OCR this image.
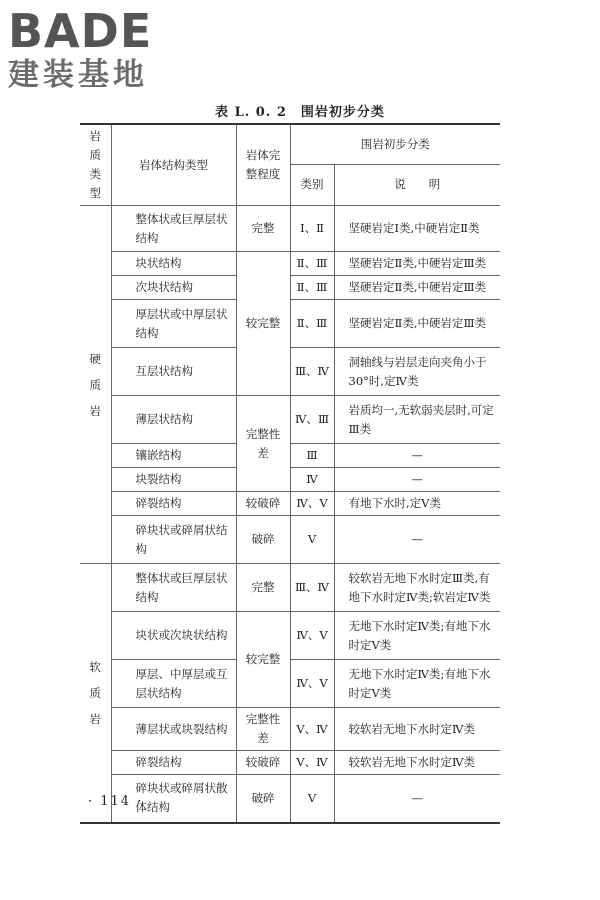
BADE
建装基地
表 L. 0. 2 围岩初步分类
岩质类型	岩体结构类型	岩体完整程度	围岩初步分类	
			类别	说　　明

硬
质
岩	整体状或巨厚层状结构	完整	Ⅰ、Ⅱ	坚硬岩定Ⅰ类,中硬岩定Ⅱ类
	块状结构	较完整	Ⅱ、Ⅲ	坚硬岩定Ⅱ类,中硬岩定Ⅲ类
	次块状结构		Ⅱ、Ⅲ	坚硬岩定Ⅱ类,中硬岩定Ⅲ类
	厚层状或中厚层状结构		Ⅱ、Ⅲ	坚硬岩定Ⅱ类,中硬岩定Ⅲ类
	互层状结构		Ⅲ、Ⅳ	洞轴线与岩层走向夹角小于30°时,定Ⅳ类
	薄层状结构	完整性差	Ⅳ、Ⅲ	岩质均一,无软弱夹层时,可定Ⅲ类
	镶嵌结构		Ⅲ	—
	块裂结构		Ⅳ	—
	碎裂结构	较破碎	Ⅳ、Ⅴ	有地下水时,定Ⅴ类
	碎块状或碎屑状结构	破碎	Ⅴ	—

软
质
岩	整体状或巨厚层状结构	完整	Ⅲ、Ⅳ	较软岩无地下水时定Ⅲ类,有地下水时定Ⅳ类;软岩定Ⅳ类
	块状或次块状结构	较完整	Ⅳ、Ⅴ	无地下水时定Ⅳ类;有地下水时定Ⅴ类
	厚层、中厚层或互层状结构		Ⅳ、Ⅴ	无地下水时定Ⅳ类;有地下水时定Ⅴ类
	薄层状或块裂结构	完整性差	Ⅴ、Ⅳ	较软岩无地下水时定Ⅳ类
	碎裂结构	较破碎	Ⅴ、Ⅳ	较软岩无地下水时定Ⅳ类
	碎块状或碎屑状散体结构	破碎	Ⅴ	—
· 114 ·
